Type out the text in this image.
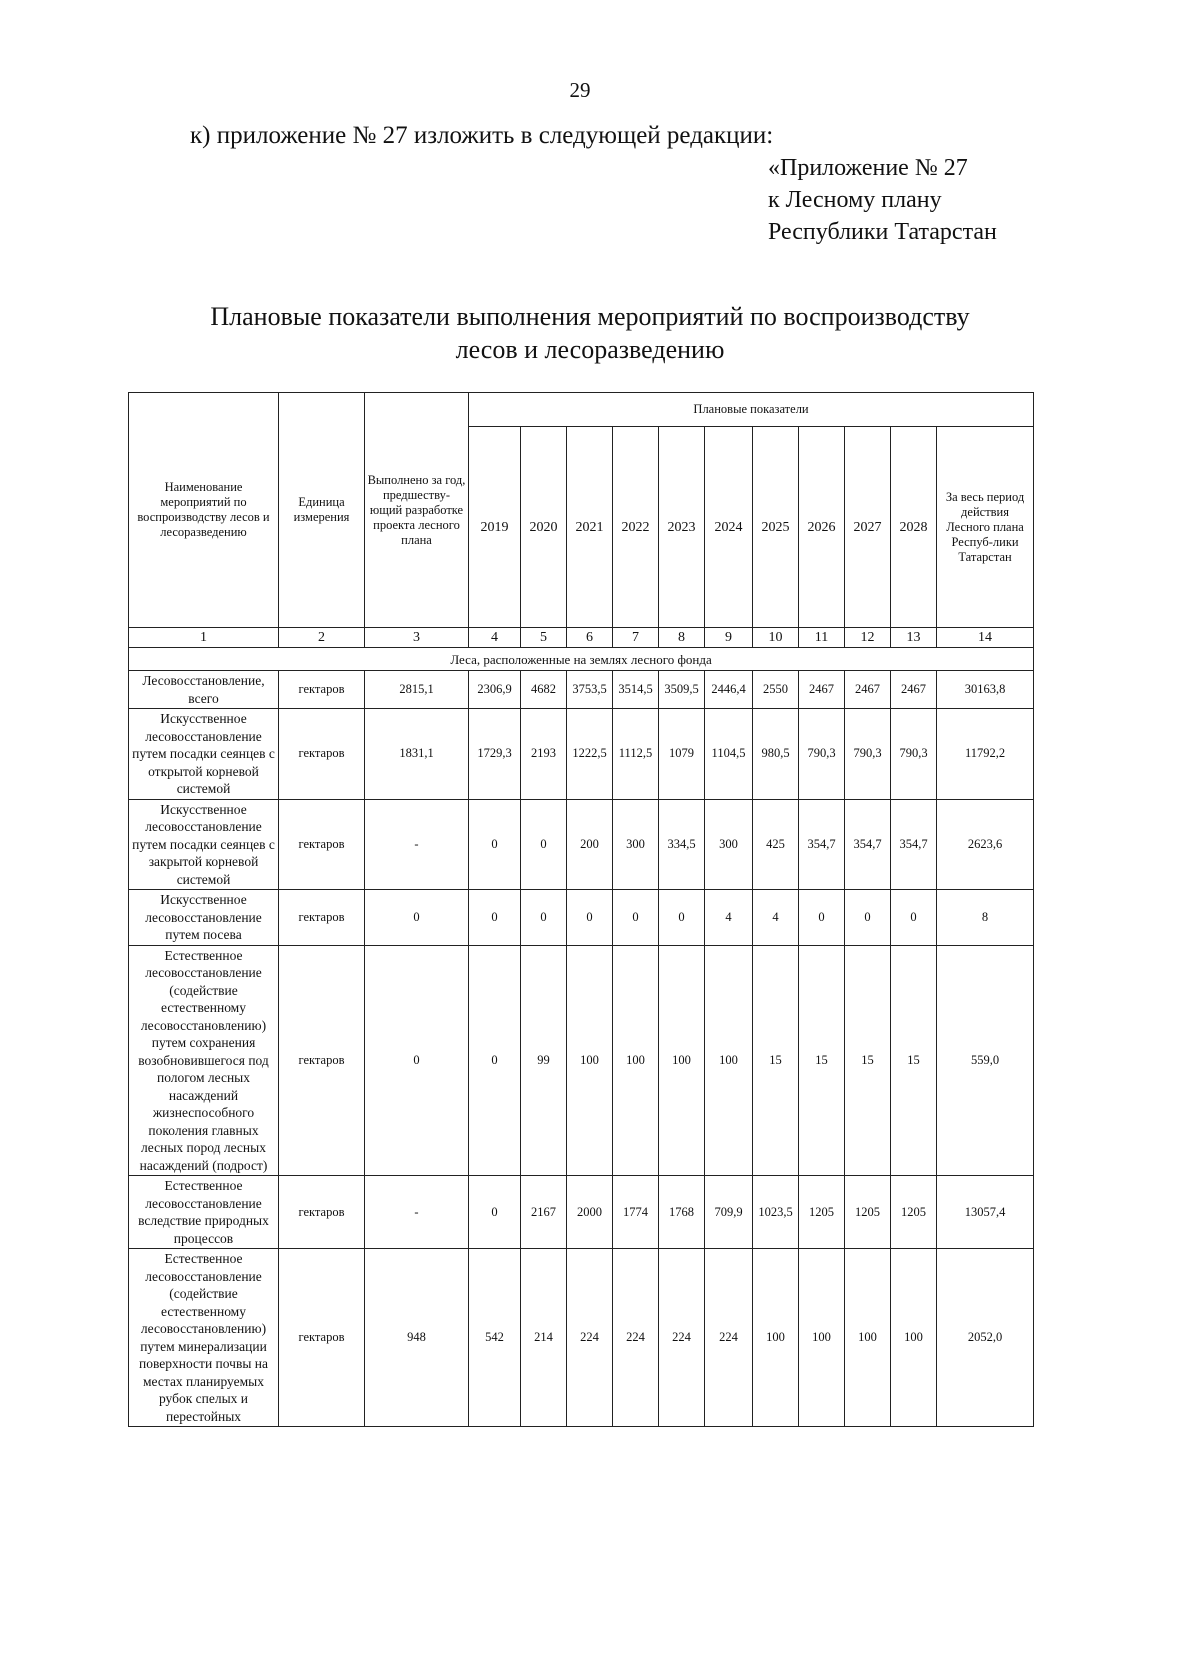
29
к) приложение № 27 изложить в следующей редакции:
«Приложение № 27
к Лесному плану
Республики Татарстан
Плановые показатели выполнения мероприятий по воспроизводству
лесов и лесоразведению
Наименование мероприятий по воспроизводству лесов и лесоразведению	Единица измерения	Выполнено за год, предшеству-ющий разработке проекта лесного плана	Плановые показатели										
			2019	2020	2021	2022	2023	2024	2025	2026	2027	2028	За весь период действия Лесного плана Респуб-лики Татарстан
1	2	3	4	5	6	7	8	9	10	11	12	13	14
Леса, расположенные на землях лесного фонда													
Лесовосстановление, всего	гектаров	2815,1	2306,9	4682	3753,5	3514,5	3509,5	2446,4	2550	2467	2467	2467	30163,8
Искусственное лесовосстановление путем посадки сеянцев с открытой корневой системой	гектаров	1831,1	1729,3	2193	1222,5	1112,5	1079	1104,5	980,5	790,3	790,3	790,3	11792,2
Искусственное лесовосстановление путем посадки сеянцев с закрытой корневой системой	гектаров	-	0	0	200	300	334,5	300	425	354,7	354,7	354,7	2623,6
Искусственное лесовосстановление путем посева	гектаров	0	0	0	0	0	0	4	4	0	0	0	8
Естественное лесовосстановление (содействие естественному лесовосстановлению) путем сохранения возобновившегося под пологом лесных насаждений жизнеспособного поколения главных лесных пород лесных насаждений (подрост)	гектаров	0	0	99	100	100	100	100	15	15	15	15	559,0
Естественное лесовосстановление вследствие природных процессов	гектаров	-	0	2167	2000	1774	1768	709,9	1023,5	1205	1205	1205	13057,4
Естественное лесовосстановление (содействие естественному лесовосстановлению) путем минерализации поверхности почвы на местах планируемых рубок спелых и перестойных	гектаров	948	542	214	224	224	224	224	100	100	100	100	2052,0
